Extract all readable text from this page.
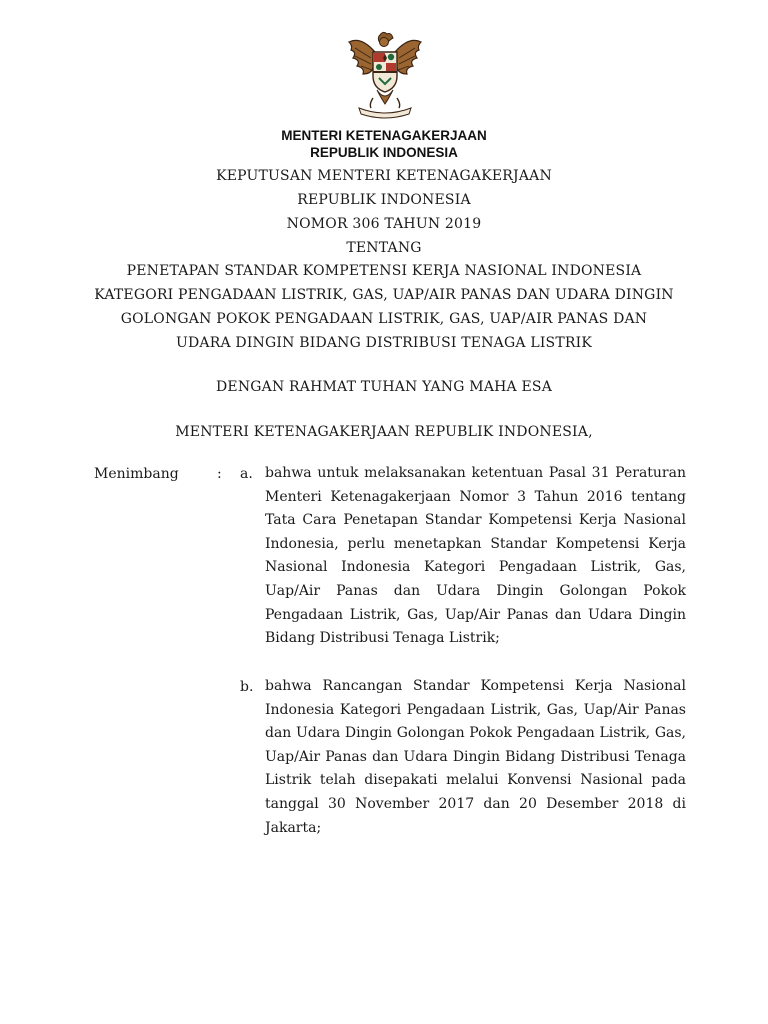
MENTERI KETENAGAKERJAAN
REPUBLIK INDONESIA
KEPUTUSAN MENTERI KETENAGAKERJAAN
REPUBLIK INDONESIA
NOMOR 306 TAHUN 2019
TENTANG
PENETAPAN STANDAR KOMPETENSI KERJA NASIONAL INDONESIA
KATEGORI PENGADAAN LISTRIK, GAS, UAP/AIR PANAS DAN UDARA DINGIN
GOLONGAN POKOK PENGADAAN LISTRIK, GAS, UAP/AIR PANAS DAN
UDARA DINGIN BIDANG DISTRIBUSI TENAGA LISTRIK
DENGAN RAHMAT TUHAN YANG MAHA ESA
MENTERI KETENAGAKERJAAN REPUBLIK INDONESIA,
Menimbang	: a. bahwa untuk melaksanakan ketentuan Pasal 31 Peraturan Menteri Ketenagakerjaan Nomor 3 Tahun 2016 tentang Tata Cara Penetapan Standar Kompetensi Kerja Nasional Indonesia, perlu menetapkan Standar Kompetensi Kerja Nasional Indonesia Kategori Pengadaan Listrik, Gas, Uap/Air Panas dan Udara Dingin Golongan Pokok Pengadaan Listrik, Gas, Uap/Air Panas dan Udara Dingin Bidang Distribusi Tenaga Listrik;
b. bahwa Rancangan Standar Kompetensi Kerja Nasional Indonesia Kategori Pengadaan Listrik, Gas, Uap/Air Panas dan Udara Dingin Golongan Pokok Pengadaan Listrik, Gas, Uap/Air Panas dan Udara Dingin Bidang Distribusi Tenaga Listrik telah disepakati melalui Konvensi Nasional pada tanggal 30 November 2017 dan 20 Desember 2018 di Jakarta;
